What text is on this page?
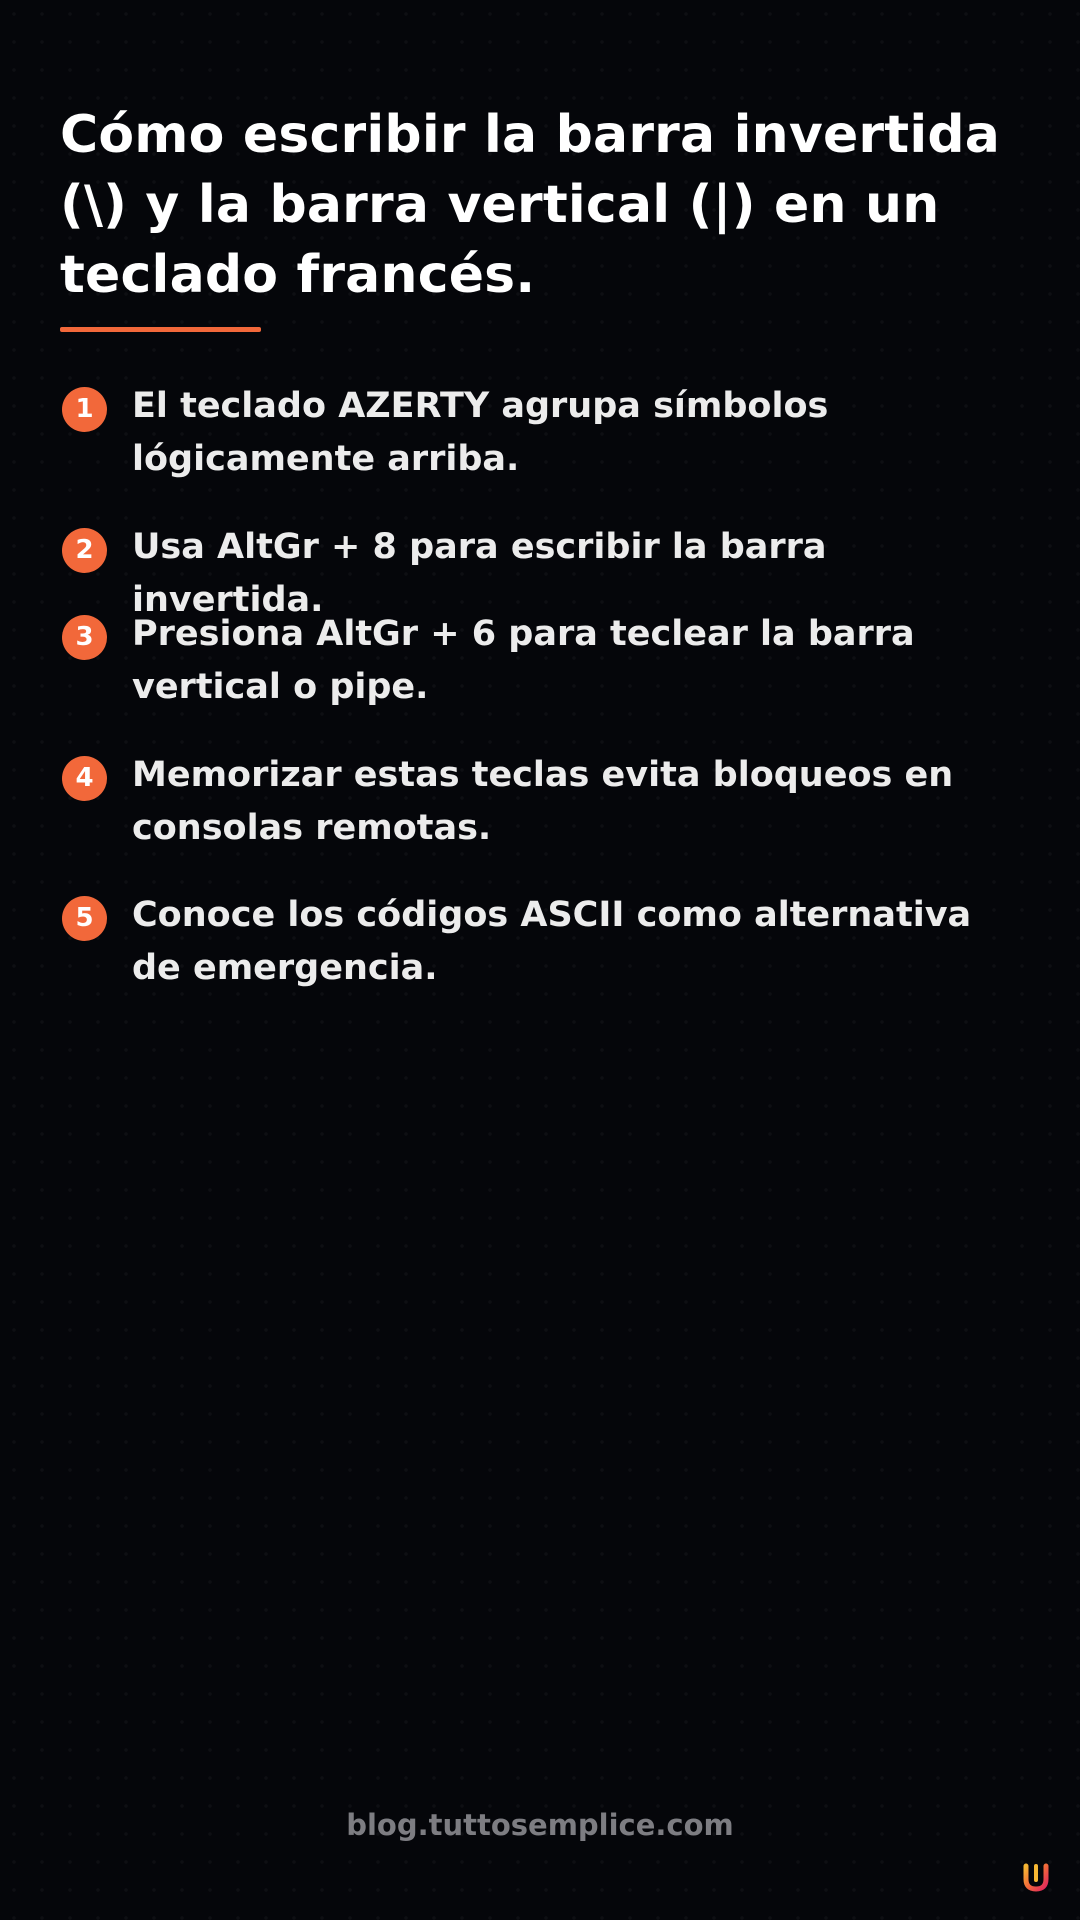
Cómo escribir la barra invertida (\) y la barra vertical (|) en un teclado francés.
1	El teclado AZERTY agrupa símbolos lógicamente arriba.
2	Usa AltGr + 8 para escribir la barra invertida.
3	Presiona AltGr + 6 para teclear la barra vertical o pipe.
4	Memorizar estas teclas evita bloqueos en consolas remotas.
5	Conoce los códigos ASCII como alternativa de emergencia.
blog.tuttosemplice.com
